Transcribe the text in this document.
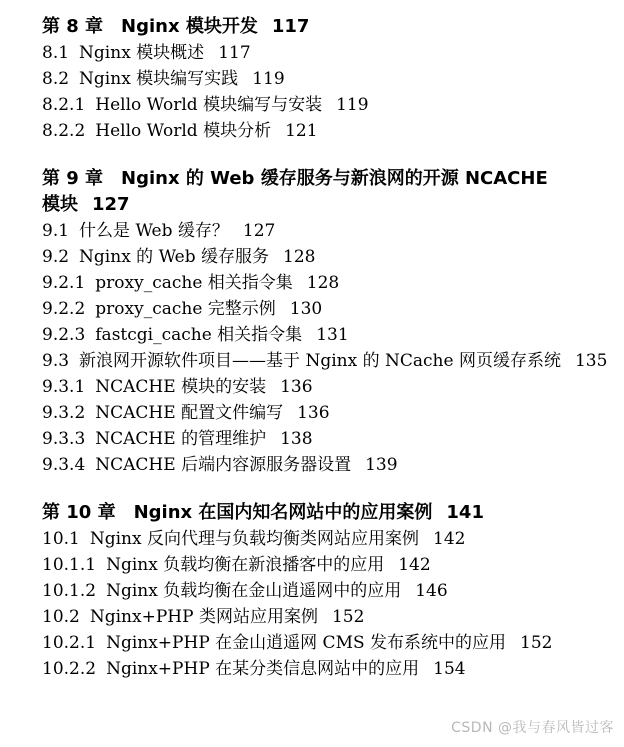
第 8 章　Nginx 模块开发 117

8.1 Nginx 模块概述 117

8.2 Nginx 模块编写实践 119

8.2.1 Hello World 模块编写与安装 119

8.2.2 Hello World 模块分析 121

第 9 章　Nginx 的 Web 缓存服务与新浪网的开源 NCACHE 模块 127

9.1 什么是 Web 缓存？ 127

9.2 Nginx 的 Web 缓存服务 128

9.2.1 proxy_cache 相关指令集 128

9.2.2 proxy_cache 完整示例 130

9.2.3 fastcgi_cache 相关指令集 131

9.3 新浪网开源软件项目——基于 Nginx 的 NCache 网页缓存系统 135

9.3.1 NCACHE 模块的安装 136

9.3.2 NCACHE 配置文件编写 136

9.3.3 NCACHE 的管理维护 138

9.3.4 NCACHE 后端内容源服务器设置 139

第 10 章　Nginx 在国内知名网站中的应用案例 141

10.1 Nginx 反向代理与负载均衡类网站应用案例 142

10.1.1 Nginx 负载均衡在新浪播客中的应用 142

10.1.2 Nginx 负载均衡在金山逍遥网中的应用 146

10.2 Nginx+PHP 类网站应用案例 152

10.2.1 Nginx+PHP 在金山逍遥网 CMS 发布系统中的应用 152

10.2.2 Nginx+PHP 在某分类信息网站中的应用 154

CSDN @我与春风皆过客
